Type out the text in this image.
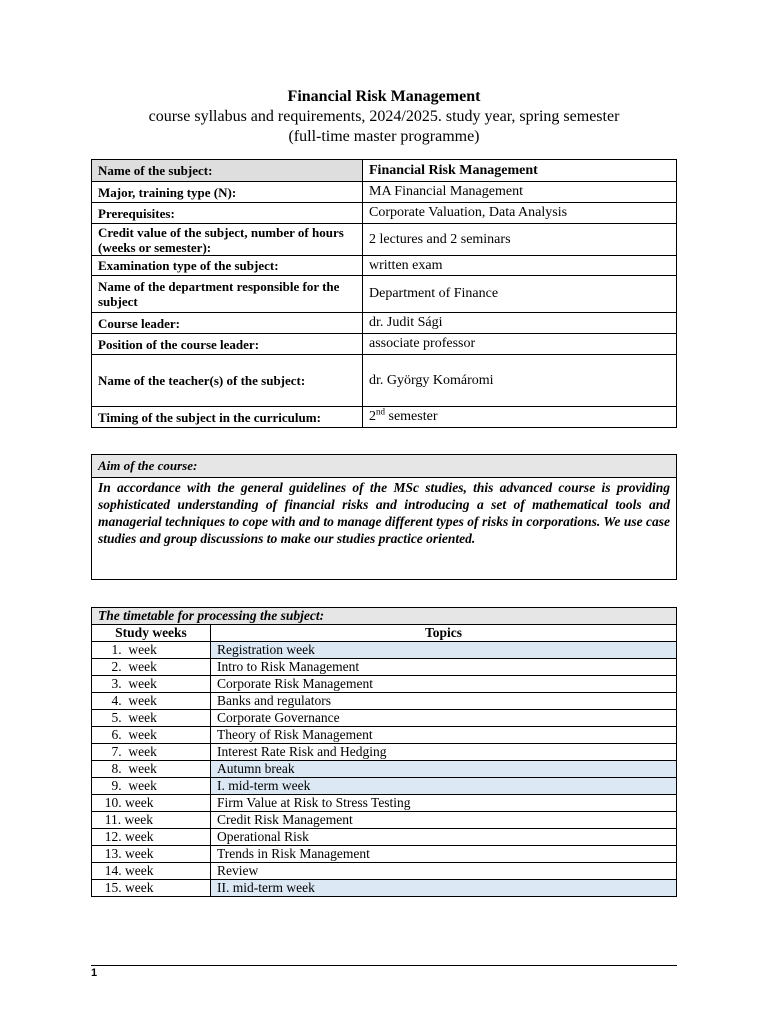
Financial Risk Management
course syllabus and requirements, 2024/2025. study year, spring semester
(full-time master programme)
Name of the subject:	Financial Risk Management
Major, training type (N):	MA Financial Management
Prerequisites:	Corporate Valuation, Data Analysis
Credit value of the subject, number of hours (weeks or semester):	2 lectures and 2 seminars
Examination type of the subject:	written exam
Name of the department responsible for the subject	Department of Finance
Course leader:	dr. Judit Sági
Position of the course leader:	associate professor
Name of the teacher(s) of the subject:	dr. György Komáromi
Timing of the subject in the curriculum:	2nd semester
Aim of the course:
In accordance with the general guidelines of the MSc studies, this advanced course is providing sophisticated understanding of financial risks and introducing a set of mathematical tools and managerial techniques to cope with and to manage different types of risks in corporations. We use case studies and group discussions to make our studies practice oriented.
The timetable for processing the subject:	
Study weeks	Topics
1.  week	Registration week
2.  week	Intro to Risk Management
3.  week	Corporate Risk Management
4.  week	Banks and regulators
5.  week	Corporate Governance
6.  week	Theory of Risk Management
7.  week	Interest Rate Risk and Hedging
8.  week	Autumn break
9.  week	I. mid-term week
10. week	Firm Value at Risk to Stress Testing
11. week	Credit Risk Management
12. week	Operational Risk
13. week	Trends in Risk Management
14. week	Review
15. week	II. mid-term week
1
